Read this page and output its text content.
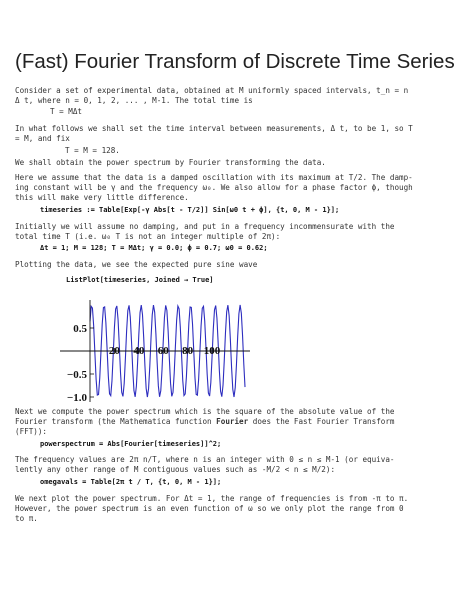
(Fast) Fourier Transform of Discrete Time Series

Consider a set of experimental data, obtained at M uniformly spaced intervals, t_n = n
Δ t, where n = 0, 1, 2, ... , M-1. The total time is

T = MΔt

In what follows we shall set the time interval between measurements, Δ t, to be 1, so T
= M, and fix

T = M = 128.

We shall obtain the power spectrum by Fourier transforming the data.

Here we assume that the data is a damped oscillation with its maximum at T/2. The damp-
ing constant will be γ and the frequency ω₀. We also allow for a phase factor ϕ, though
this will make very little difference.

timeseries := Table[Exp[-γ Abs[t - T/2]] Sin[ω0 t + ϕ], {t, 0, M - 1}];

Initially we will assume no damping, and put in a frequency incommensurate with the
total time T (i.e. ω₀ T is not an integer multiple of 2π):

Δt = 1; M = 128; T = MΔt; γ = 0.0; ϕ = 0.7; ω0 = 0.62;

Plotting the data, we see the expected pure sine wave

ListPlot[timeseries, Joined → True]
20 40 60 80 100
0.5
−0.5
−1.0

Next we compute the power spectrum which is the square of the absolute value of the
Fourier transform (the Mathematica function Fourier does the Fast Fourier Transform
(FFT)):

powerspectrum = Abs[Fourier[timeseries]]^2;

The frequency values are 2π n/T, where n is an integer with 0 ≤ n ≤ M-1 (or equiva-
lently any other range of M contiguous values such as -M/2 < n ≤ M/2):

omegavals = Table[2π t / T, {t, 0, M - 1}];

We next plot the power spectrum. For Δt = 1, the range of frequencies is from -π to π.
However, the power spectrum is an even function of ω so we only plot the range from 0
to π.
